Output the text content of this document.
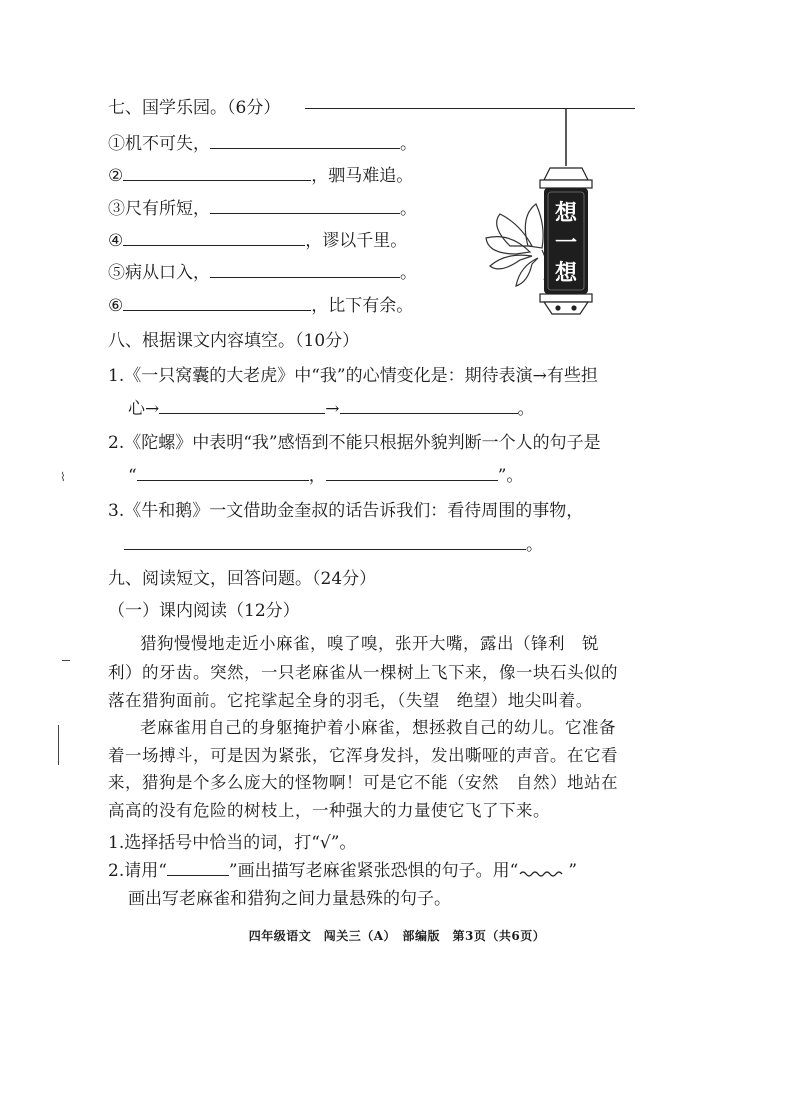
七、国学乐园。（6分）
①机不可失，	。
②	，驷马难追。
③尺有所短，	。
④	，谬以千里。
⑤病从口入，	。
⑥	，比下有余。
想
一
想
八、根据课文内容填空。（10分）
1.《一只窝囊的大老虎》中“我”的心情变化是：期待表演→有些担
心→	→	。
2.《陀螺》中表明“我”感悟到不能只根据外貌判断一个人的句子是
“	，	”。
3.《牛和鹅》一文借助金奎叔的话告诉我们：看待周围的事物，
。
九、阅读短文，回答问题。（24分）
（一）课内阅读（12分）
猎狗慢慢地走近小麻雀，嗅了嗅，张开大嘴，露出（锋利　锐
利）的牙齿。突然，一只老麻雀从一棵树上飞下来，像一块石头似的
落在猎狗面前。它挓挲起全身的羽毛，（失望　绝望）地尖叫着。
老麻雀用自己的身躯掩护着小麻雀，想拯救自己的幼儿。它准备
着一场搏斗，可是因为紧张，它浑身发抖，发出嘶哑的声音。在它看
来，猎狗是个多么庞大的怪物啊！可是它不能（安然　自然）地站在
高高的没有危险的树枝上，一种强大的力量使它飞了下来。
1.选择括号中恰当的词，打“√”。
2.请用“	”画出描写老麻雀紧张恐惧的句子。用“	”
画出写老麻雀和猎狗之间力量悬殊的句子。
四年级语文　闯关三（A）　部编版　第3页（共6页）
⌇
